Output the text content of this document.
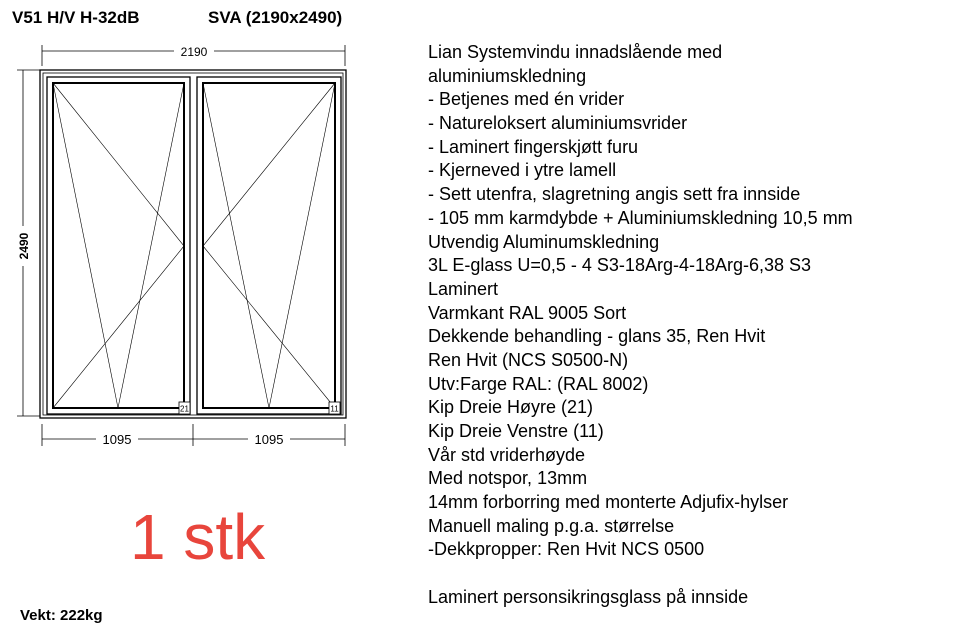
V51 H/V H-32dB	SVA (2190x2490)
2190
2490
21	11
1095	1095
1 stk
Vekt: 222kg
Lian Systemvindu innadslående med
aluminiumskledning
- Betjenes med én vrider
- Natureloksert aluminiumsvrider
- Laminert fingerskjøtt furu
- Kjerneved i ytre lamell
- Sett utenfra, slagretning angis sett fra innside
- 105 mm karmdybde + Aluminiumskledning 10,5 mm
Utvendig Aluminumskledning
3L E-glass U=0,5 - 4 S3-18Arg-4-18Arg-6,38 S3
Laminert
Varmkant RAL 9005 Sort
Dekkende behandling - glans 35, Ren Hvit
Ren Hvit (NCS S0500-N)
Utv:Farge RAL: (RAL 8002)
Kip Dreie Høyre (21)
Kip Dreie Venstre (11)
Vår std vriderhøyde
Med notspor, 13mm
14mm forborring med monterte Adjufix-hylser
Manuell maling p.g.a. størrelse
-Dekkpropper: Ren Hvit NCS 0500
Laminert personsikringsglass på innside
